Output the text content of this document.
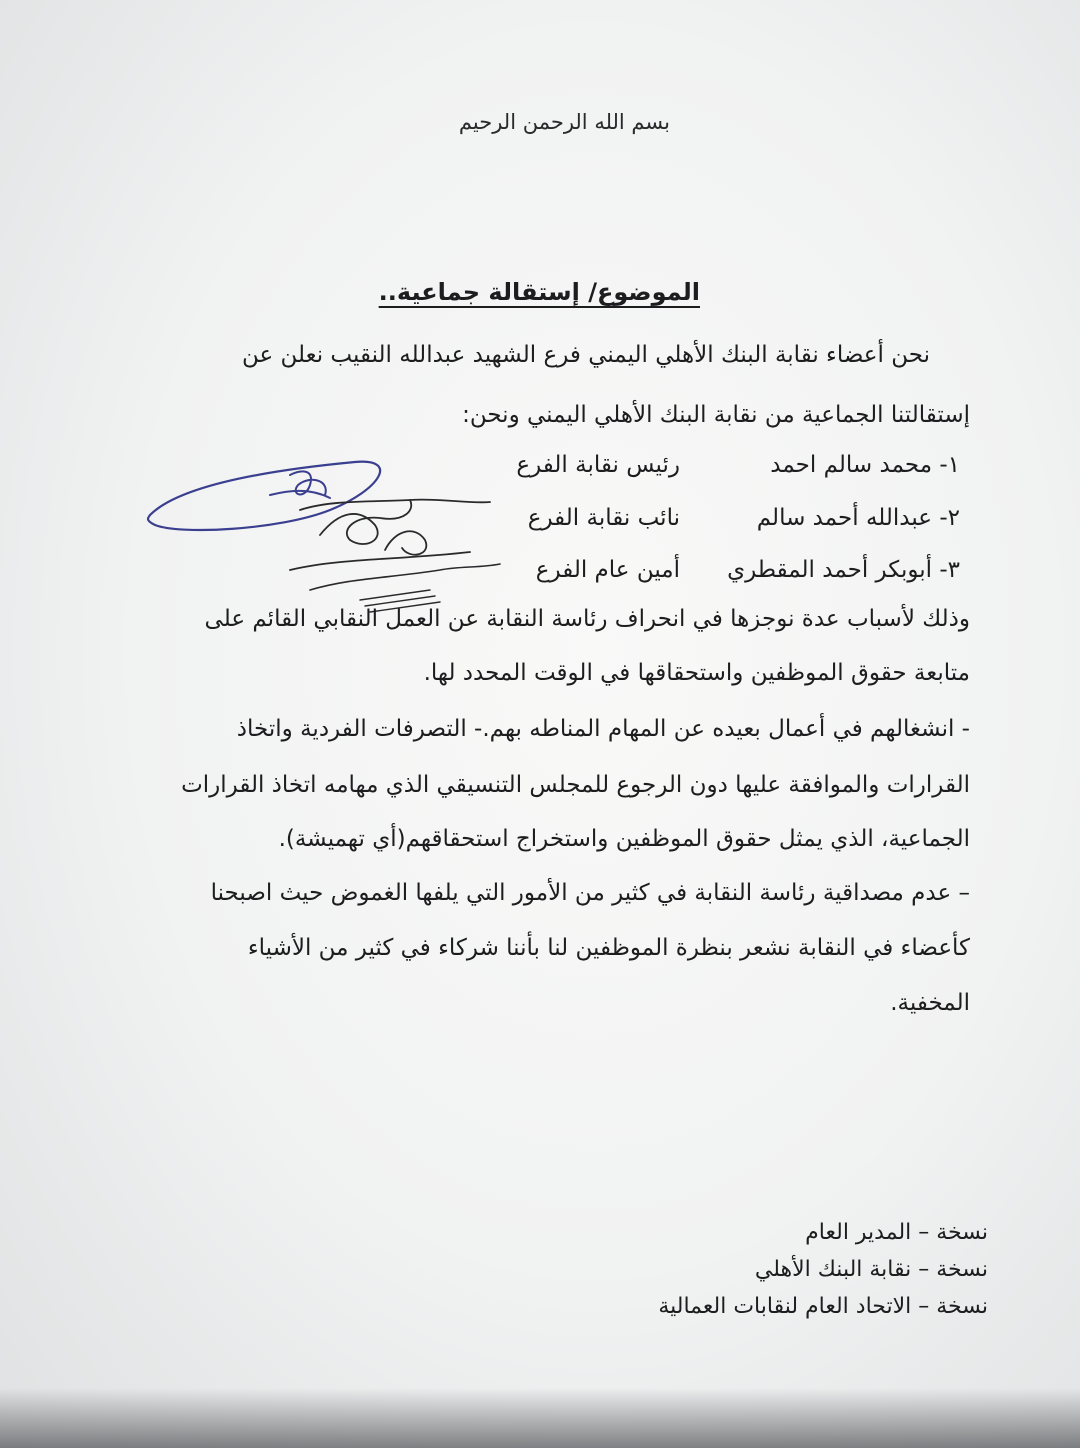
بسم الله الرحمن الرحيم
الموضوع/ إستقالة جماعية..
نحن أعضاء نقابة البنك الأهلي اليمني فرع الشهيد عبدالله النقيب نعلن عن
إستقالتنا الجماعية من نقابة البنك الأهلي اليمني ونحن:
١- محمد سالم احمد
رئيس نقابة الفرع
٢- عبدالله أحمد سالم
نائب نقابة الفرع
٣- أبوبكر أحمد المقطري
أمين عام الفرع
وذلك لأسباب عدة نوجزها في انحراف رئاسة النقابة عن العمل النقابي القائم على
متابعة حقوق الموظفين واستحقاقها في الوقت المحدد لها.
- انشغالهم في أعمال بعيده عن المهام المناطه بهم.- التصرفات الفردية واتخاذ
القرارات والموافقة عليها دون الرجوع للمجلس التنسيقي الذي مهامه اتخاذ القرارات
الجماعية، الذي يمثل حقوق الموظفين واستخراج استحقاقهم(أي تهميشة).
– عدم مصداقية رئاسة النقابة في كثير من الأمور التي يلفها الغموض حيث اصبحنا
كأعضاء في النقابة نشعر بنظرة الموظفين لنا بأننا شركاء في كثير من الأشياء
المخفية.
نسخة – المدير العام
نسخة – نقابة البنك الأهلي
نسخة – الاتحاد العام لنقابات العمالية
